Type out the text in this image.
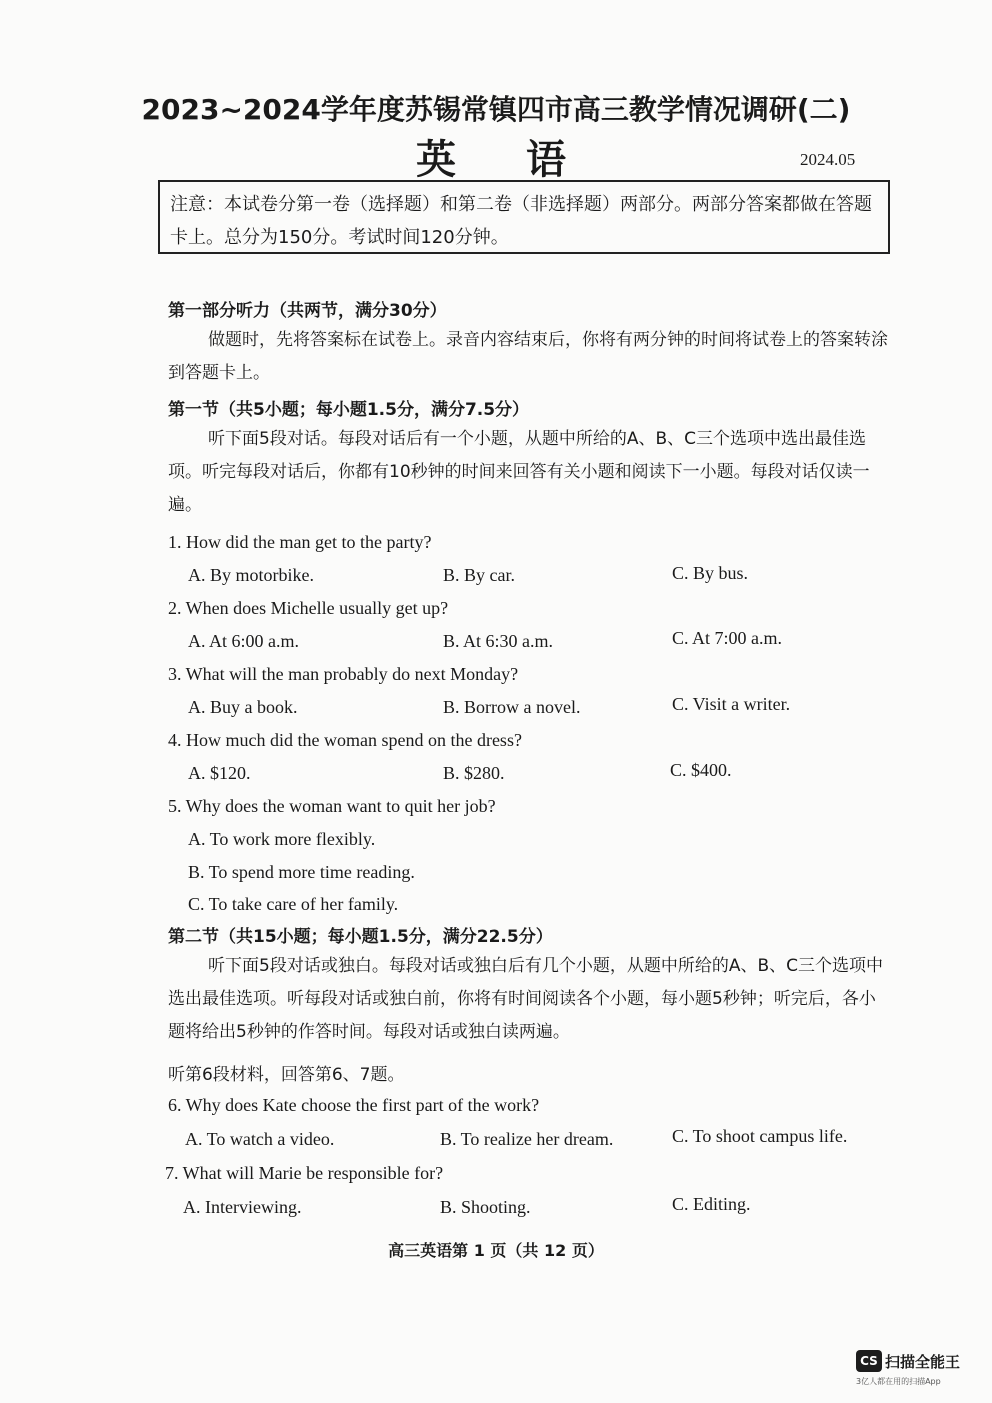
2023~2024学年度苏锡常镇四市高三教学情况调研(二)
英语	2024.05
注意：本试卷分第一卷（选择题）和第二卷（非选择题）两部分。两部分答案都做在答题卡上。总分为150分。考试时间120分钟。
第一部分听力（共两节，满分30分）
做题时，先将答案标在试卷上。录音内容结束后，你将有两分钟的时间将试卷上的答案转涂到答题卡上。
第一节（共5小题；每小题1.5分，满分7.5分）
听下面5段对话。每段对话后有一个小题，从题中所给的A、B、C三个选项中选出最佳选项。听完每段对话后，你都有10秒钟的时间来回答有关小题和阅读下一小题。每段对话仅读一遍。
1. How did the man get to the party?
A. By motorbike.	B. By car.	C. By bus.
2. When does Michelle usually get up?
A. At 6:00 a.m.	B. At 6:30 a.m.	C. At 7:00 a.m.
3. What will the man probably do next Monday?
A. Buy a book.	B. Borrow a novel.	C. Visit a writer.
4. How much did the woman spend on the dress?
A. $120.	B. $280.	C. $400.
5. Why does the woman want to quit her job?
A. To work more flexibly.
B. To spend more time reading.
C. To take care of her family.
第二节（共15小题；每小题1.5分，满分22.5分）
听下面5段对话或独白。每段对话或独白后有几个小题，从题中所给的A、B、C三个选项中选出最佳选项。听每段对话或独白前，你将有时间阅读各个小题，每小题5秒钟；听完后，各小题将给出5秒钟的作答时间。每段对话或独白读两遍。
听第6段材料，回答第6、7题。
6. Why does Kate choose the first part of the work?
A. To watch a video.	B. To realize her dream.	C. To shoot campus life.
7. What will Marie be responsible for?
A. Interviewing.	B. Shooting.	C. Editing.
高三英语第 1 页（共 12 页）
CS 扫描全能王
3亿人都在用的扫描App
